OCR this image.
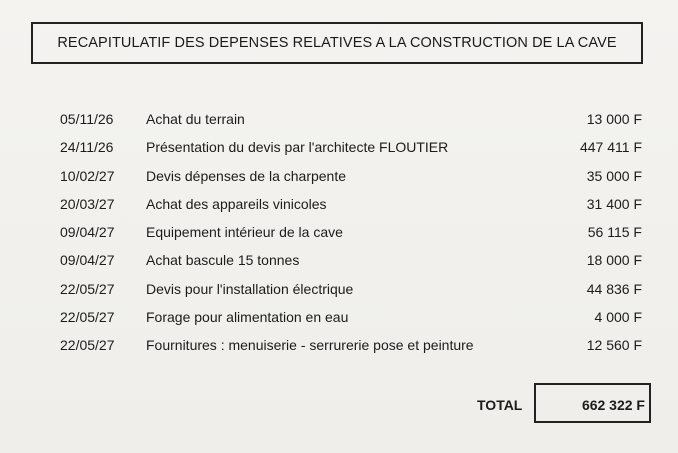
RECAPITULATIF DES DEPENSES RELATIVES A LA CONSTRUCTION DE LA CAVE
05/11/26 Achat du terrain	13 000 F
24/11/26 Présentation du devis par l'architecte FLOUTIER	447 411 F
10/02/27 Devis dépenses de la charpente	35 000 F
20/03/27 Achat des appareils vinicoles	31 400 F
09/04/27 Equipement intérieur de la cave	56 115 F
09/04/27 Achat bascule 15 tonnes	18 000 F
22/05/27 Devis pour l'installation électrique	44 836 F
22/05/27 Forage pour alimentation en eau	4 000 F
22/05/27 Fournitures : menuiserie - serrurerie pose et peinture	12 560 F
TOTAL	662 322 F
